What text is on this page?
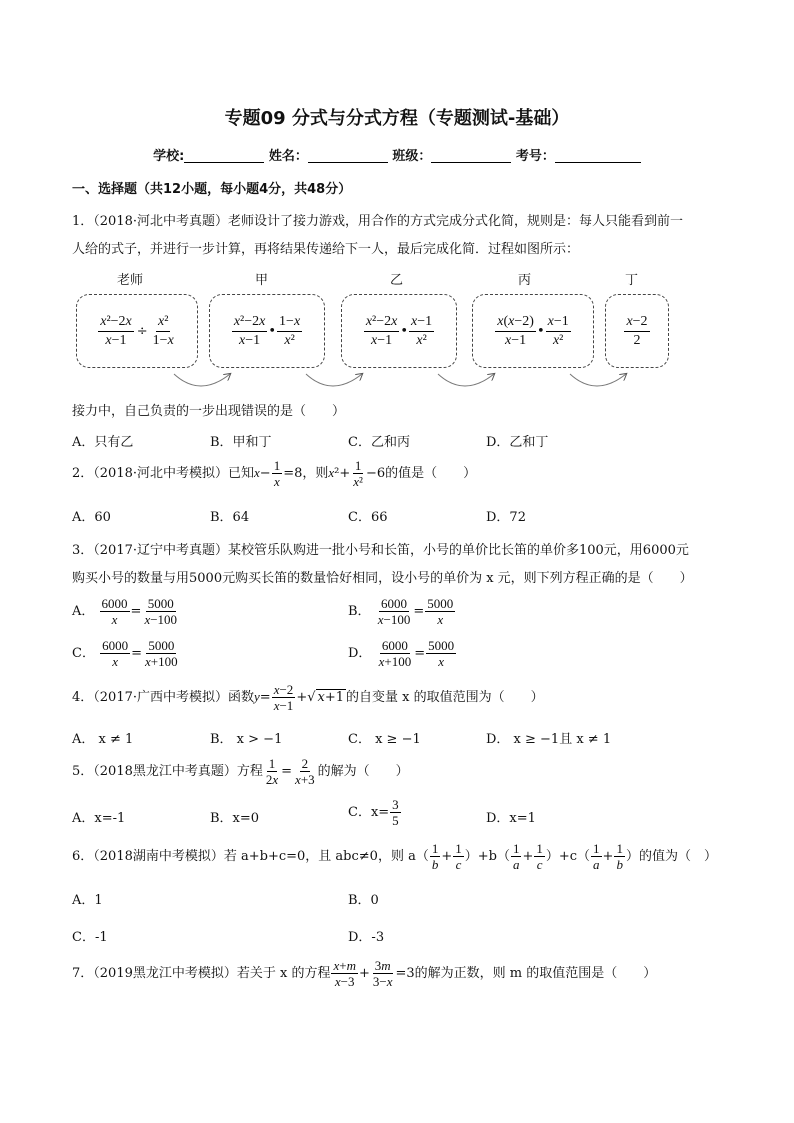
专题09 分式与分式方程（专题测试-基础）
学校:	姓名：	班级：	考号：
一、选择题（共12小题，每小题4分，共48分）
1．（2018·河北中考真题）老师设计了接力游戏，用合作的方式完成分式化简，规则是：每人只能看到前一
人给的式子，并进行一步计算，再将结果传递给下一人，最后完成化简．过程如图所示：
老师	甲	乙	丙	丁
$\frac{\text{x²−2x}}{x-1} \div \frac{\text{x²}}{1-x}$	$\frac{\text{x²−2x}}{x-1}$ • $\frac{1-x}{\text{x²}}$	$\frac{\text{x²−2x}}{x-1}$ • $\frac{x-1}{\text{x²}}$	$\frac{x(x-2)}{x-1}$ • $\frac{x-1}{\text{x²}}$	$\frac{x-2}{2}$
接力中，自己负责的一步出现错误的是（　　）
A．只有乙	B．甲和丁	C．乙和丙	D．乙和丁
2．（2018·河北中考模拟）已知$x- \frac{1}{x} =8$，则$x^2+ \frac{1}{\text{x²}} -6$的值是（　　）
A．60	B．64	C．66	D．72
3．（2017·辽宁中考真题）某校管乐队购进一批小号和长笛，小号的单价比长笛的单价多100元，用6000元
购买小号的数量与用5000元购买长笛的数量恰好相同，设小号的单价为 x 元，则下列方程正确的是（　　）
A． $\frac{6000}{x} = \frac{5000}{x-100}$	B． $\frac{6000}{x-100} = \frac{5000}{x}$
C． $\frac{6000}{x} = \frac{5000}{x+100}$	D． $\frac{6000}{x+100} = \frac{5000}{x}$
4．（2017·广西中考模拟）函数$y= \frac{x-2}{x-1}$ +√ x+1 的自变量 x 的取值范围为（　　）
A． x ≠ 1	B． x > −1	C． x ≥ −1	D． x ≥ −1且 x ≠ 1
5．（2018黑龙江中考真题）方程 $\frac{1}{2x} = \frac{2}{x+3}$ 的解为（　　）
A．x=-1	B．x=0	C．$x= \frac{3}{5}$	D．x=1
6．（2018湖南中考模拟）若 a+b+c=0，且 abc≠0，则 $a( \frac{1}{b} + \frac{1}{c} )+b( \frac{1}{a} + \frac{1}{c} )+c( \frac{1}{a} + \frac{1}{b}$ ）的值为（　）
A．1	B．0
C．-1	D．-3
7．（2019黑龙江中考模拟）若关于 x 的方程 $\frac{x+m}{x-3} + \frac{3m}{3-x} =3$的解为正数，则 m 的取值范围是（　　）
